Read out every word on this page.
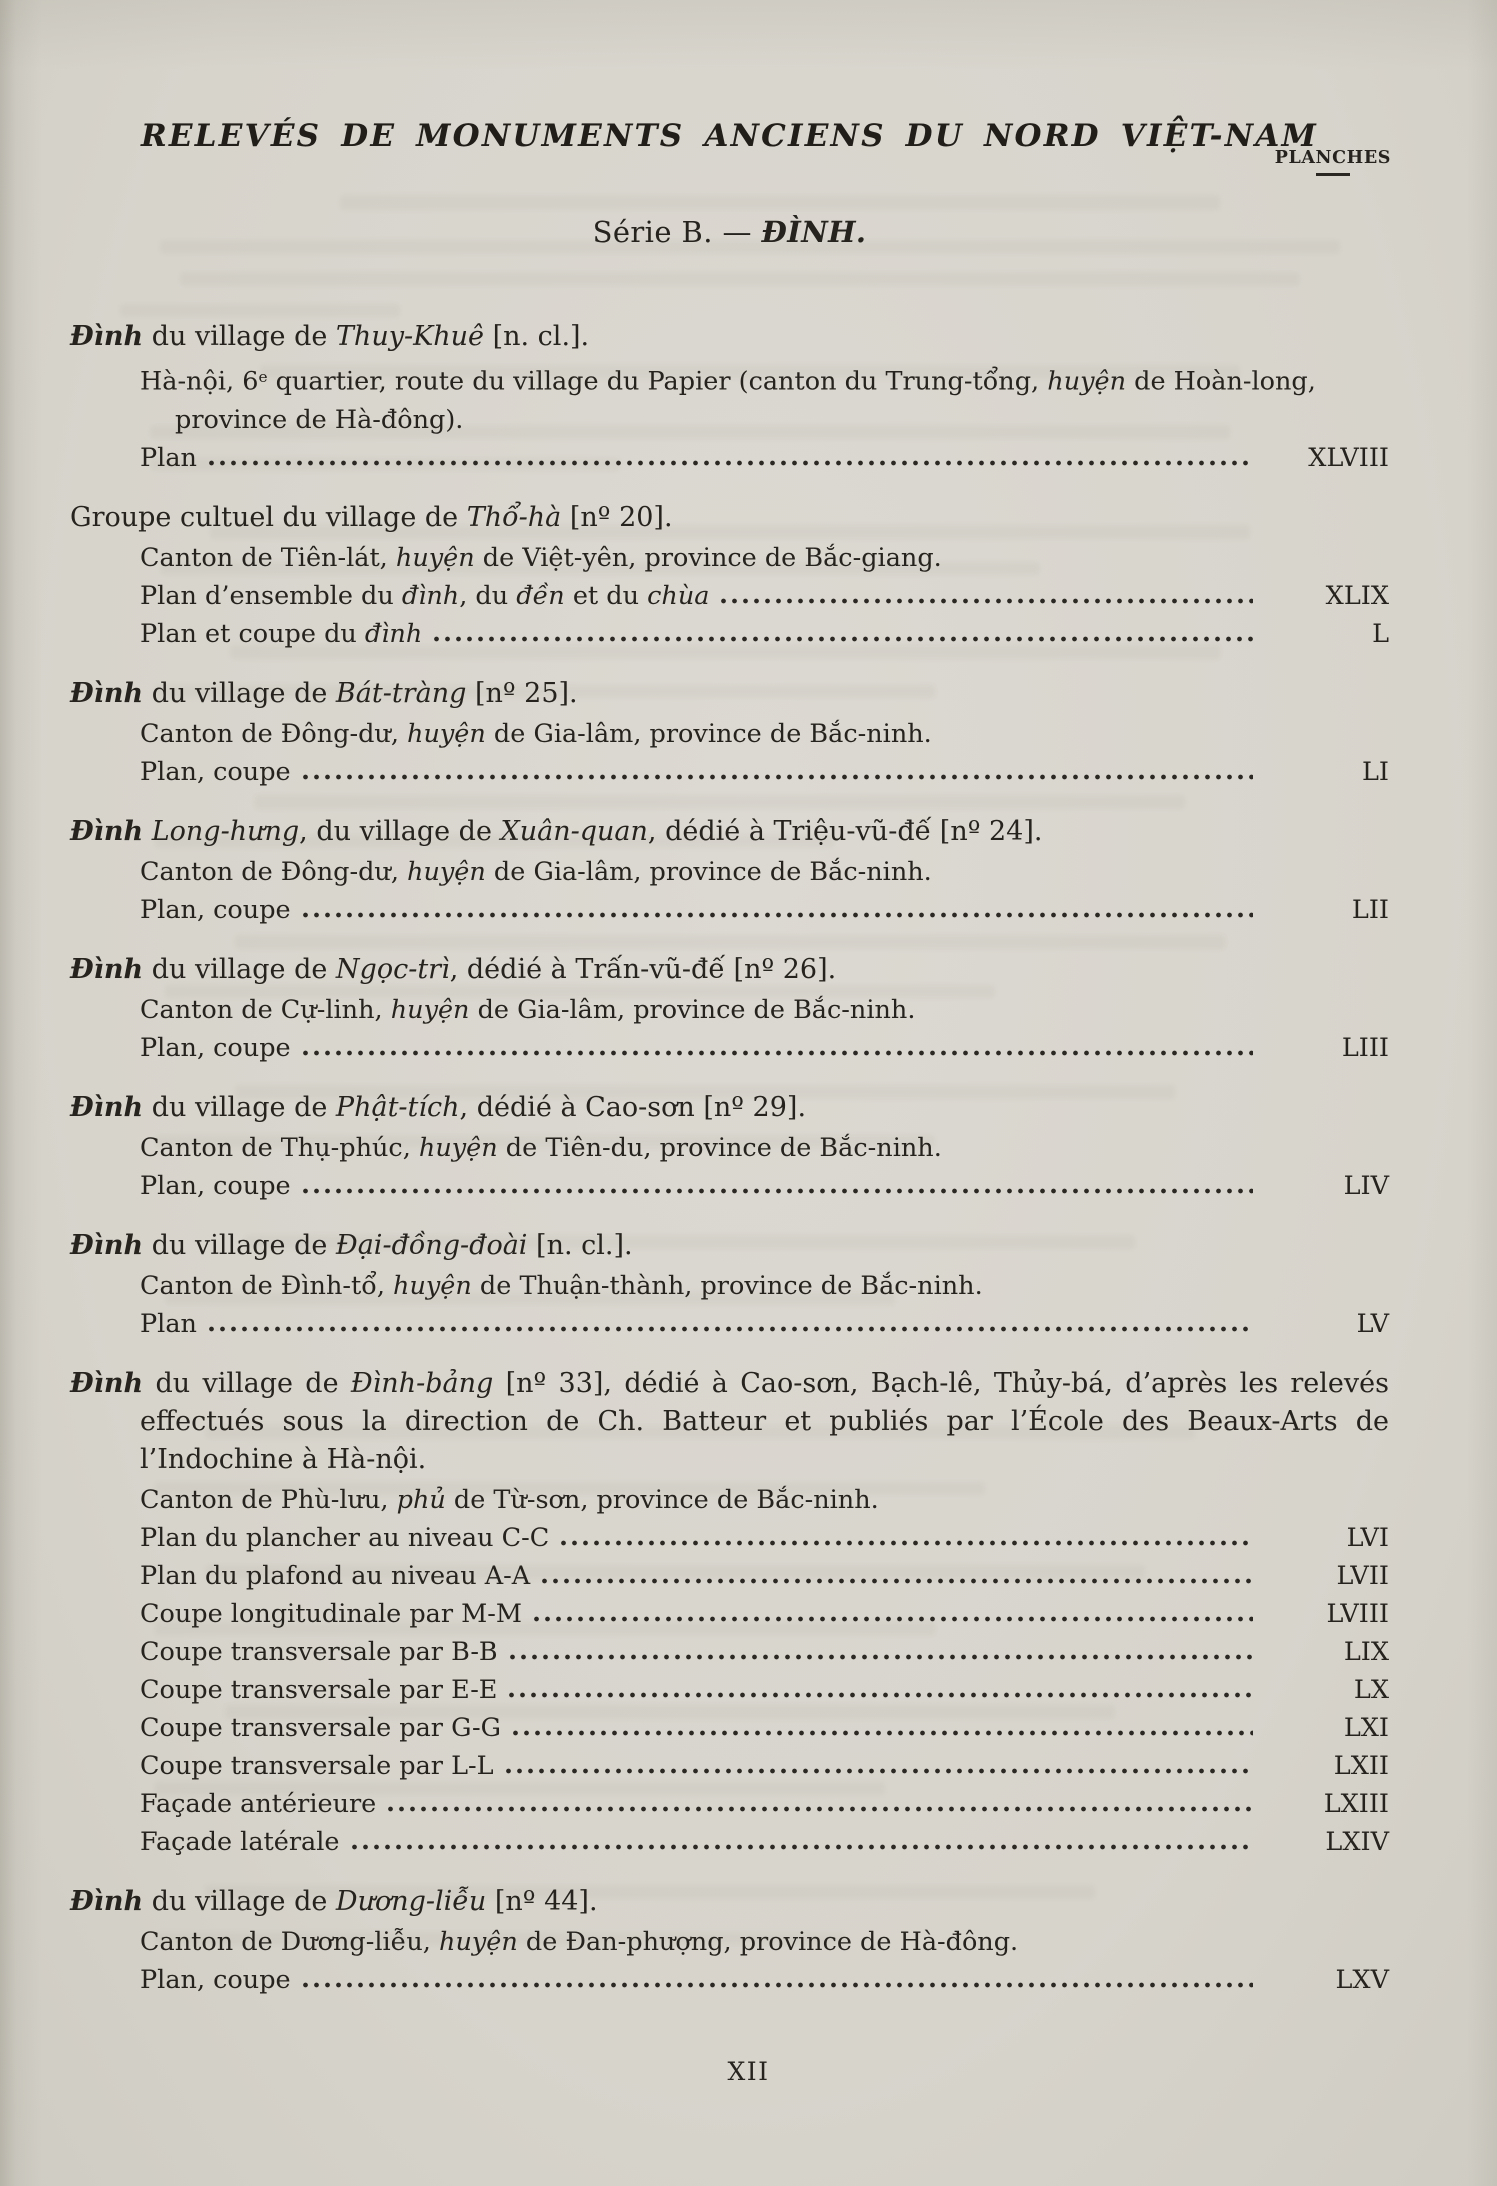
RELEVÉS DE MONUMENTS ANCIENS DU NORD VIỆT-NAM
PLANCHES
Série B. — ĐÌNH.
Đình du village de Thuy-Khuê [n. cl.].
Hà-nội, 6e quartier, route du village du Papier (canton du Trung-tổng, huyện de Hoàn-long, province de Hà-đông).
Plan	XLVIII
Groupe cultuel du village de Thổ-hà [nº 20].
Canton de Tiên-lát, huyện de Việt-yên, province de Bắc-giang.
Plan d’ensemble du đình, du đền et du chùa	XLIX
Plan et coupe du đình	L
Đình du village de Bát-tràng [nº 25].
Canton de Đông-dư, huyện de Gia-lâm, province de Bắc-ninh.
Plan, coupe	LI
Đình Long-hưng, du village de Xuân-quan, dédié à Triệu-vũ-đế [nº 24].
Canton de Đông-dư, huyện de Gia-lâm, province de Bắc-ninh.
Plan, coupe	LII
Đình du village de Ngọc-trì, dédié à Trấn-vũ-đế [nº 26].
Canton de Cự-linh, huyện de Gia-lâm, province de Bắc-ninh.
Plan, coupe	LIII
Đình du village de Phật-tích, dédié à Cao-sơn [nº 29].
Canton de Thụ-phúc, huyện de Tiên-du, province de Bắc-ninh.
Plan, coupe	LIV
Đình du village de Đại-đồng-đoài [n. cl.].
Canton de Đình-tổ, huyện de Thuận-thành, province de Bắc-ninh.
Plan	LV
Đình du village de Đình-bảng [nº 33], dédié à Cao-sơn, Bạch-lê, Thủy-bá, d’après les relevés effectués sous la direction de Ch. Batteur et publiés par l’École des Beaux-Arts de l’Indochine à Hà-nội.
Canton de Phù-lưu, phủ de Từ-sơn, province de Bắc-ninh.
Plan du plancher au niveau C-C	LVI
Plan du plafond au niveau A-A	LVII
Coupe longitudinale par M-M	LVIII
Coupe transversale par B-B	LIX
Coupe transversale par E-E	LX
Coupe transversale par G-G	LXI
Coupe transversale par L-L	LXII
Façade antérieure	LXIII
Façade latérale	LXIV
Đình du village de Dương-liễu [nº 44].
Canton de Dương-liễu, huyện de Đan-phượng, province de Hà-đông.
Plan, coupe	LXV
XII
